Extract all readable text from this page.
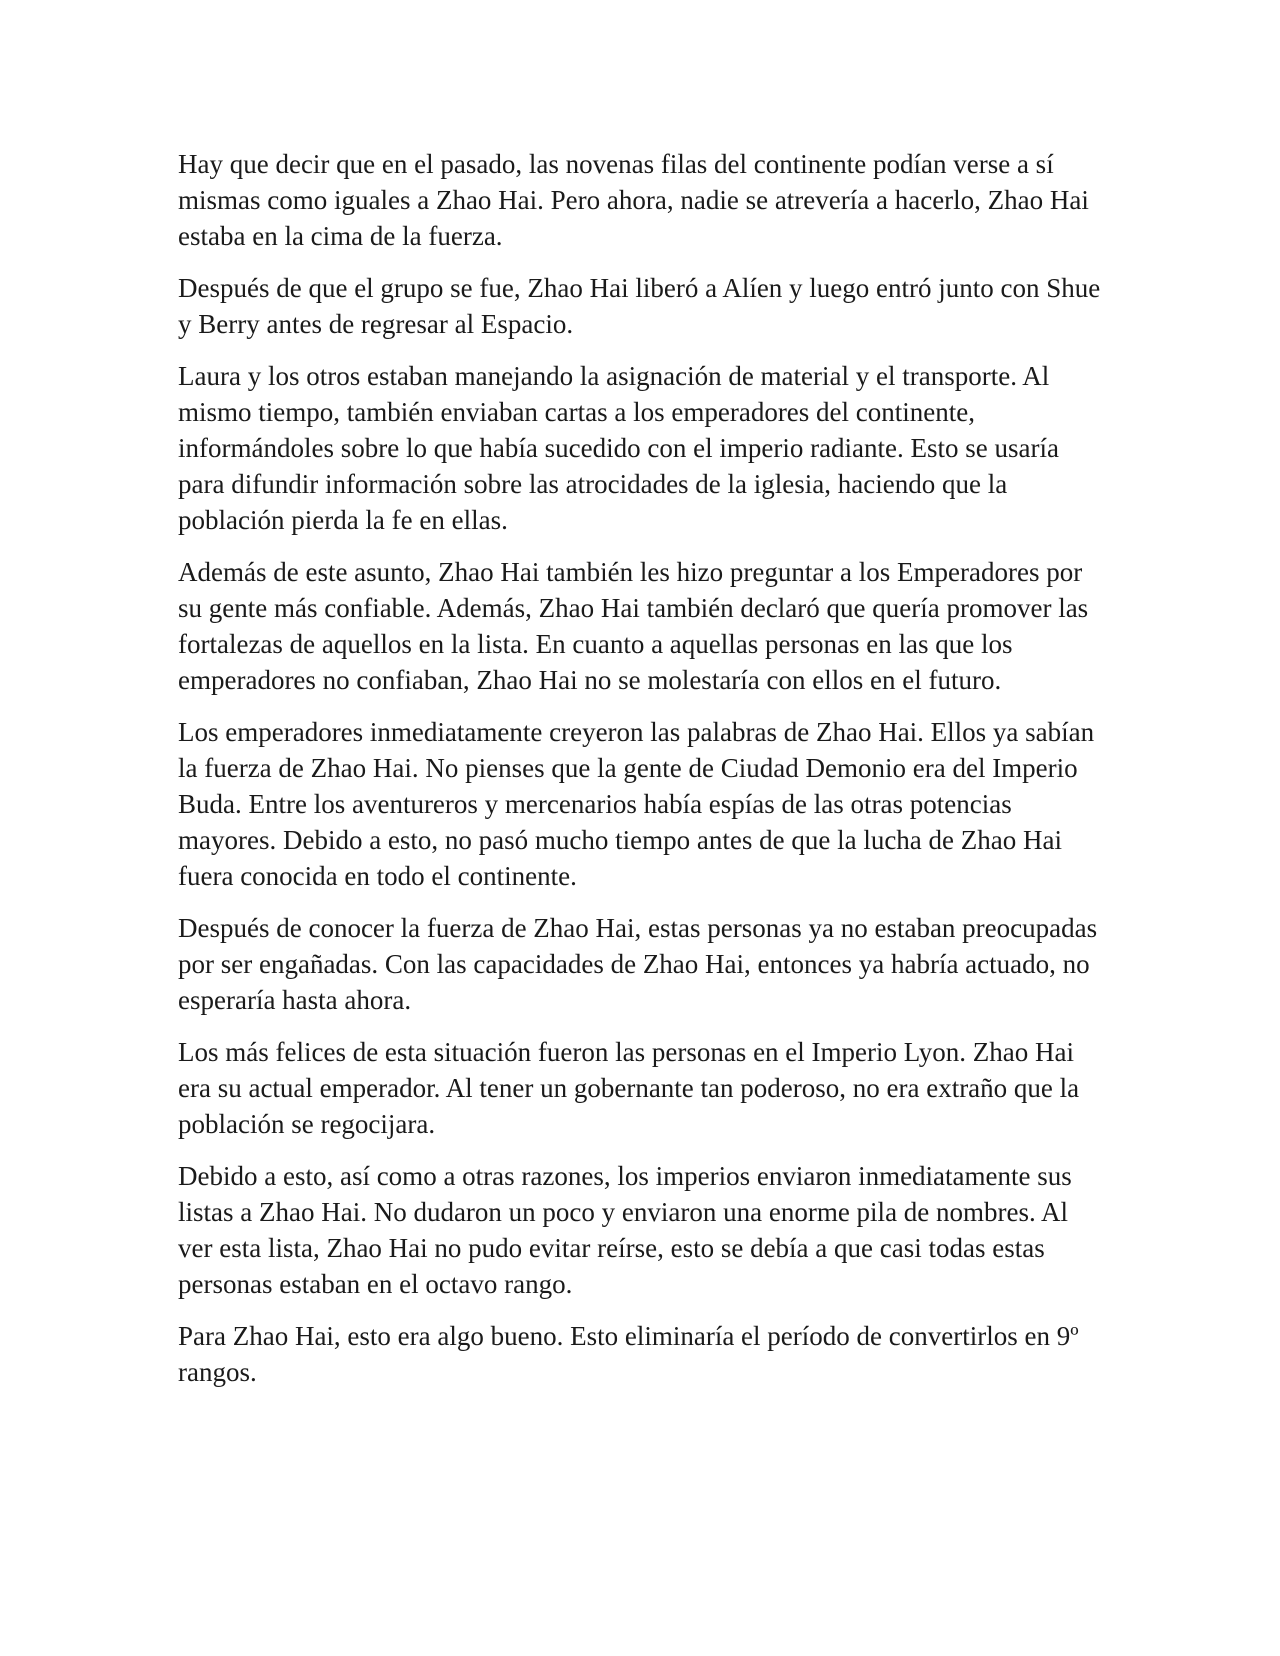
Hay que decir que en el pasado, las novenas filas del continente podían verse a sí mismas como iguales a Zhao Hai. Pero ahora, nadie se atrevería a hacerlo, Zhao Hai estaba en la cima de la fuerza.

Después de que el grupo se fue, Zhao Hai liberó a Alíen y luego entró junto con Shue y Berry antes de regresar al Espacio.

Laura y los otros estaban manejando la asignación de material y el transporte. Al mismo tiempo, también enviaban cartas a los emperadores del continente, informándoles sobre lo que había sucedido con el imperio radiante. Esto se usaría para difundir información sobre las atrocidades de la iglesia, haciendo que la población pierda la fe en ellas.

Además de este asunto, Zhao Hai también les hizo preguntar a los Emperadores por su gente más confiable. Además, Zhao Hai también declaró que quería promover las fortalezas de aquellos en la lista. En cuanto a aquellas personas en las que los emperadores no confiaban, Zhao Hai no se molestaría con ellos en el futuro.

Los emperadores inmediatamente creyeron las palabras de Zhao Hai. Ellos ya sabían la fuerza de Zhao Hai. No pienses que la gente de Ciudad Demonio era del Imperio Buda. Entre los aventureros y mercenarios había espías de las otras potencias mayores. Debido a esto, no pasó mucho tiempo antes de que la lucha de Zhao Hai fuera conocida en todo el continente.

Después de conocer la fuerza de Zhao Hai, estas personas ya no estaban preocupadas por ser engañadas. Con las capacidades de Zhao Hai, entonces ya habría actuado, no esperaría hasta ahora.

Los más felices de esta situación fueron las personas en el Imperio Lyon. Zhao Hai era su actual emperador. Al tener un gobernante tan poderoso, no era extraño que la población se regocijara.

Debido a esto, así como a otras razones, los imperios enviaron inmediatamente sus listas a Zhao Hai. No dudaron un poco y enviaron una enorme pila de nombres. Al ver esta lista, Zhao Hai no pudo evitar reírse, esto se debía a que casi todas estas personas estaban en el octavo rango.

Para Zhao Hai, esto era algo bueno. Esto eliminaría el período de convertirlos en 9º rangos.
